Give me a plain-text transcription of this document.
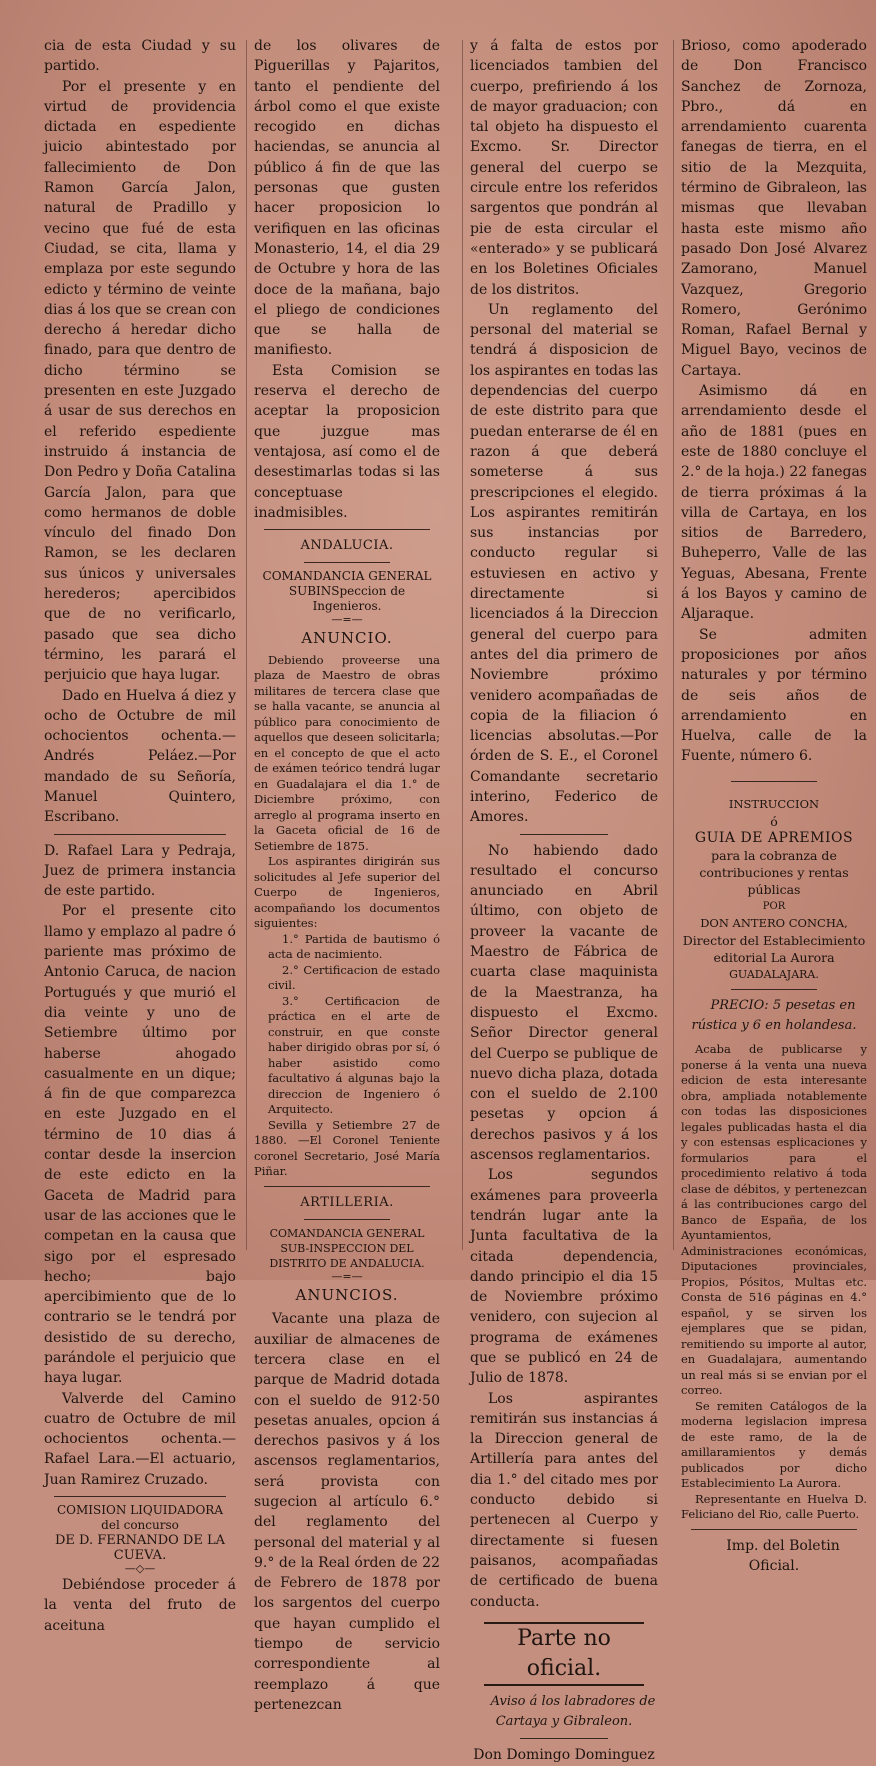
cia de esta Ciudad y su partido.

Por el presente y en virtud de providencia dictada en espediente juicio abintestado por fallecimiento de Don Ramon García Jalon, natural de Pradillo y vecino que fué de esta Ciudad, se cita, llama y emplaza por este segundo edicto y término de veinte dias á los que se crean con derecho á heredar dicho finado, para que dentro de dicho término se presenten en este Juzgado á usar de sus derechos en el referido espediente instruido á instancia de Don Pedro y Doña Catalina García Jalon, para que como hermanos de doble vínculo del finado Don Ramon, se les declaren sus únicos y universales herederos; apercibidos que de no verificarlo, pasado que sea dicho término, les parará el perjuicio que haya lugar.

Dado en Huelva á diez y ocho de Octubre de mil ochocientos ochenta.—Andrés Peláez.—Por mandado de su Señoría, Manuel Quintero, Escribano.

D. Rafael Lara y Pedraja, Juez de primera instancia de este partido.

Por el presente cito llamo y emplazo al padre ó pariente mas próximo de Antonio Caruca, de nacion Portugués y que murió el dia veinte y uno de Setiembre último por haberse ahogado casualmente en un dique; á fin de que comparezca en este Juzgado en el término de 10 dias á contar desde la insercion de este edicto en la Gaceta de Madrid para usar de las acciones que le competan en la causa que sigo por el espresado hecho; bajo apercibimiento que de lo contrario se le tendrá por desistido de su derecho, parándole el perjuicio que haya lugar.

Valverde del Camino cuatro de Octubre de mil ochocientos ochenta.—Rafael Lara.—El actuario, Juan Ramirez Cruzado.

COMISION LIQUIDADORA
del concurso
DE D. FERNANDO DE LA CUEVA.
—◇—

Debiéndose proceder á la venta del fruto de aceituna

de los olivares de Piguerillas y Pajaritos, tanto el pendiente del árbol como el que existe recogido en dichas haciendas, se anuncia al público á fin de que las personas que gusten hacer proposicion lo verifiquen en las oficinas Monasterio, 14, el dia 29 de Octubre y hora de las doce de la mañana, bajo el pliego de condiciones que se halla de manifiesto.

Esta Comision se reserva el derecho de aceptar la proposicion que juzgue mas ventajosa, así como el de desestimarlas todas si las conceptuase inadmisibles.

ANDALUCIA.
COMANDANCIA GENERAL SUBINSpeccion de Ingenieros.
—=—
ANUNCIO.

Debiendo proveerse una plaza de Maestro de obras militares de tercera clase que se halla vacante, se anuncia al público para conocimiento de aquellos que deseen solicitarla; en el concepto de que el acto de exámen teórico tendrá lugar en Guadalajara el dia 1.° de Diciembre próximo, con arreglo al programa inserto en la Gaceta oficial de 16 de Setiembre de 1875.

Los aspirantes dirigirán sus solicitudes al Jefe superior del Cuerpo de Ingenieros, acompañando los documentos siguientes:

1.° Partida de bautismo ó acta de nacimiento.

2.° Certificacion de estado civil.

3.° Certificacion de práctica en el arte de construir, en que conste haber dirigido obras por sí, ó haber asistido como facultativo á algunas bajo la direccion de Ingeniero ó Arquitecto.

Sevilla y Setiembre 27 de 1880. —El Coronel Teniente coronel Secretario, José María Piñar.

ARTILLERIA.
COMANDANCIA GENERAL SUB-INSPECCION DEL DISTRITO DE ANDALUCIA.
—=—
ANUNCIOS.

Vacante una plaza de auxiliar de almacenes de tercera clase en el parque de Madrid dotada con el sueldo de 912·50 pesetas anuales, opcion á derechos pasivos y á los ascensos reglamentarios, será provista con sugecion al artículo 6.° del reglamento del personal del material y al 9.° de la Real órden de 22 de Febrero de 1878 por los sargentos del cuerpo que hayan cumplido el tiempo de servicio correspondiente al reemplazo á que pertenezcan

y á falta de estos por licenciados tambien del cuerpo, prefiriendo á los de mayor graduacion; con tal objeto ha dispuesto el Excmo. Sr. Director general del cuerpo se circule entre los referidos sargentos que pondrán al pie de esta circular el «enterado» y se publicará en los Boletines Oficiales de los distritos.

Un reglamento del personal del material se tendrá á disposicion de los aspirantes en todas las dependencias del cuerpo de este distrito para que puedan enterarse de él en razon á que deberá someterse á sus prescripciones el elegido. Los aspirantes remitirán sus instancias por conducto regular si estuviesen en activo y directamente si licenciados á la Direccion general del cuerpo para antes del dia primero de Noviembre próximo venidero acompañadas de copia de la filiacion ó licencias absolutas.—Por órden de S. E., el Coronel Comandante secretario interino, Federico de Amores.

No habiendo dado resultado el concurso anunciado en Abril último, con objeto de proveer la vacante de Maestro de Fábrica de cuarta clase maquinista de la Maestranza, ha dispuesto el Excmo. Señor Director general del Cuerpo se publique de nuevo dicha plaza, dotada con el sueldo de 2.100 pesetas y opcion á derechos pasivos y á los ascensos reglamentarios.

Los segundos exámenes para proveerla tendrán lugar ante la Junta facultativa de la citada dependencia, dando principio el dia 15 de Noviembre próximo venidero, con sujecion al programa de exámenes que se publicó en 24 de Julio de 1878.

Los aspirantes remitirán sus instancias á la Direccion general de Artillería para antes del dia 1.° del citado mes por conducto debido si pertenecen al Cuerpo y directamente si fuesen paisanos, acompañadas de certificado de buena conducta.

Parte no oficial.

Aviso á los labradores de Cartaya y Gibraleon.

Don Domingo Dominguez

Brioso, como apoderado de Don Francisco Sanchez de Zornoza, Pbro., dá en arrendamiento cuarenta fanegas de tierra, en el sitio de la Mezquita, término de Gibraleon, las mismas que llevaban hasta este mismo año pasado Don José Alvarez Zamorano, Manuel Vazquez, Gregorio Romero, Gerónimo Roman, Rafael Bernal y Miguel Bayo, vecinos de Cartaya.

Asimismo dá en arrendamiento desde el año de 1881 (pues en este de 1880 concluye el 2.° de la hoja.) 22 fanegas de tierra próximas á la villa de Cartaya, en los sitios de Barredero, Buheperro, Valle de las Yeguas, Abesana, Frente á los Bayos y camino de Aljaraque.

Se admiten proposiciones por años naturales y por término de seis años de arrendamiento en Huelva, calle de la Fuente, número 6.

INSTRUCCION
ó
GUIA DE APREMIOS
para la cobranza de contribuciones y rentas públicas
POR
DON ANTERO CONCHA,
Director del Establecimiento editorial La Aurora
GUADALAJARA.

PRECIO: 5 pesetas en rústica y 6 en holandesa.

Acaba de publicarse y ponerse á la venta una nueva edicion de esta interesante obra, ampliada notablemente con todas las disposiciones legales publicadas hasta el dia y con estensas esplicaciones y formularios para el procedimiento relativo á toda clase de débitos, y pertenezcan á las contribuciones cargo del Banco de España, de los Ayuntamientos, Administraciones económicas, Diputaciones provinciales, Propios, Pósitos, Multas etc. Consta de 516 páginas en 4.° español, y se sirven los ejemplares que se pidan, remitiendo su importe al autor, en Guadalajara, aumentando un real más si se envian por el correo.

Se remiten Catálogos de la moderna legislacion impresa de este ramo, de la de amillaramientos y demás publicados por dicho Establecimiento La Aurora.

Representante en Huelva D. Feliciano del Rio, calle Puerto.

Imp. del Boletin Oficial.
